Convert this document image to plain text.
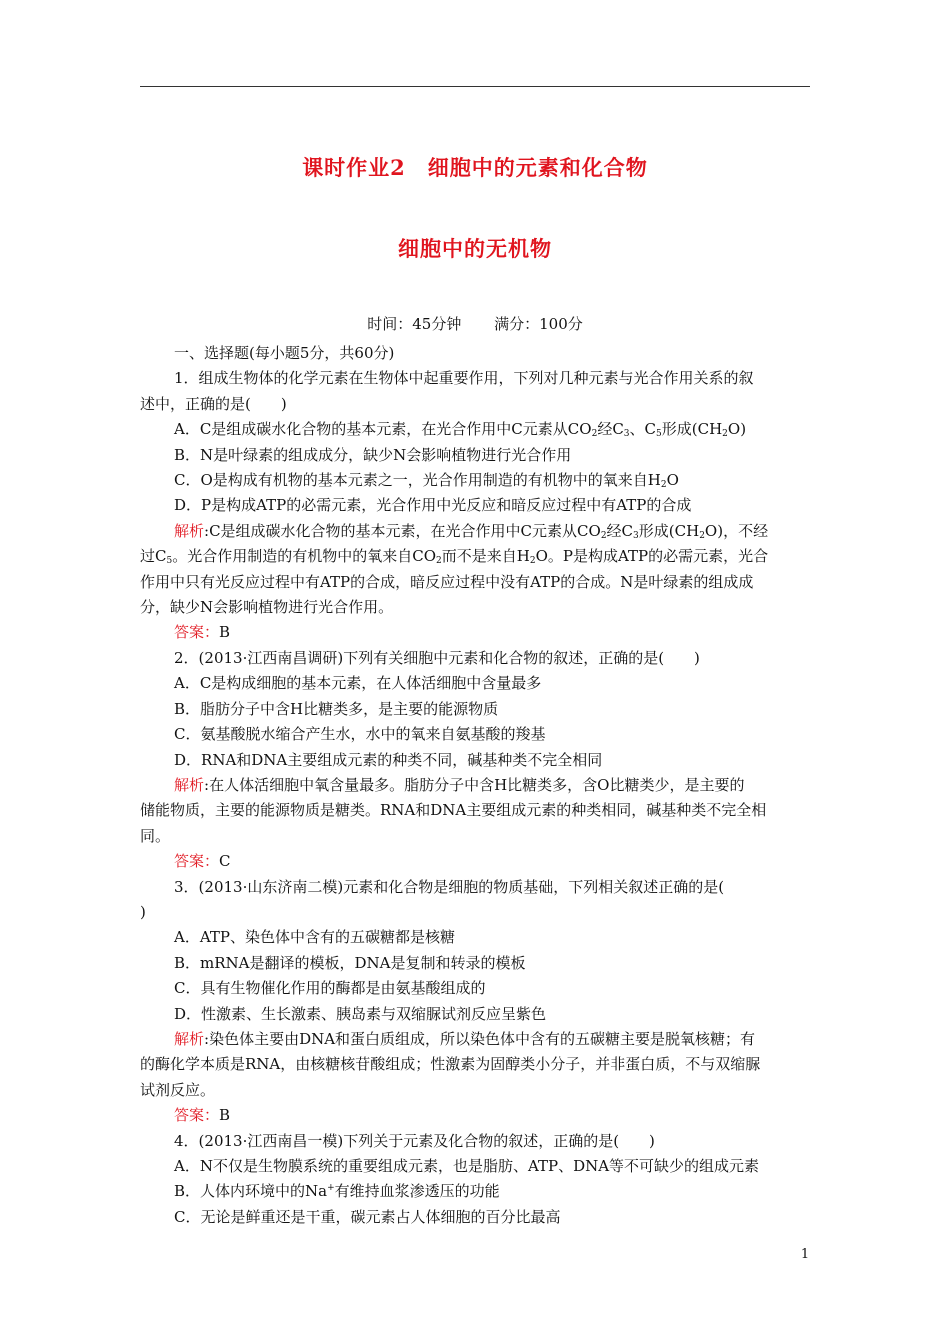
课时作业2　细胞中的元素和化合物
细胞中的无机物
时间：45分钟 满分：100分

一、选择题(每小题5分，共60分)

1．组成生物体的化学元素在生物体中起重要作用，下列对几种元素与光合作用关系的叙

述中，正确的是(　　)

A．C是组成碳水化合物的基本元素，在光合作用中C元素从$CO_2$经$C_3$、$C_5$形成$(CH_2O)$

B．N是叶绿素的组成成分，缺少N会影响植物进行光合作用

C．O是构成有机物的基本元素之一，光合作用制造的有机物中的氧来自$H_2O$

D．P是构成ATP的必需元素，光合作用中光反应和暗反应过程中有ATP的合成

解析:C是组成碳水化合物的基本元素，在光合作用中C元素从$CO_2$经$C_3$形成$(CH_2O)$，不经

过$C_5$。光合作用制造的有机物中的氧来自$CO_2$而不是来自$H_2O$。P是构成ATP的必需元素，光合

作用中只有光反应过程中有ATP的合成，暗反应过程中没有ATP的合成。N是叶绿素的组成成

分，缺少N会影响植物进行光合作用。

答案：B

2．(2013·江西南昌调研)下列有关细胞中元素和化合物的叙述，正确的是(　　)

A．C是构成细胞的基本元素，在人体活细胞中含量最多

B．脂肪分子中含H比糖类多，是主要的能源物质

C．氨基酸脱水缩合产生水，水中的氧来自氨基酸的羧基

D．RNA和DNA主要组成元素的种类不同，碱基种类不完全相同

解析:在人体活细胞中氧含量最多。脂肪分子中含H比糖类多，含O比糖类少，是主要的

储能物质，主要的能源物质是糖类。RNA和DNA主要组成元素的种类相同，碱基种类不完全相

同。

答案：C

3．(2013·山东济南二模)元素和化合物是细胞的物质基础，下列相关叙述正确的是(

)

A．ATP、染色体中含有的五碳糖都是核糖

B．mRNA是翻译的模板，DNA是复制和转录的模板

C．具有生物催化作用的酶都是由氨基酸组成的

D．性激素、生长激素、胰岛素与双缩脲试剂反应呈紫色

解析:染色体主要由DNA和蛋白质组成，所以染色体中含有的五碳糖主要是脱氧核糖；有

的酶化学本质是RNA，由核糖核苷酸组成；性激素为固醇类小分子，并非蛋白质，不与双缩脲

试剂反应。

答案：B

4．(2013·江西南昌一模)下列关于元素及化合物的叙述，正确的是(　　)

A．N不仅是生物膜系统的重要组成元素，也是脂肪、ATP、DNA等不可缺少的组成元素

B．人体内环境中的Na+有维持血浆渗透压的功能

C．无论是鲜重还是干重，碳元素占人体细胞的百分比最高

1
